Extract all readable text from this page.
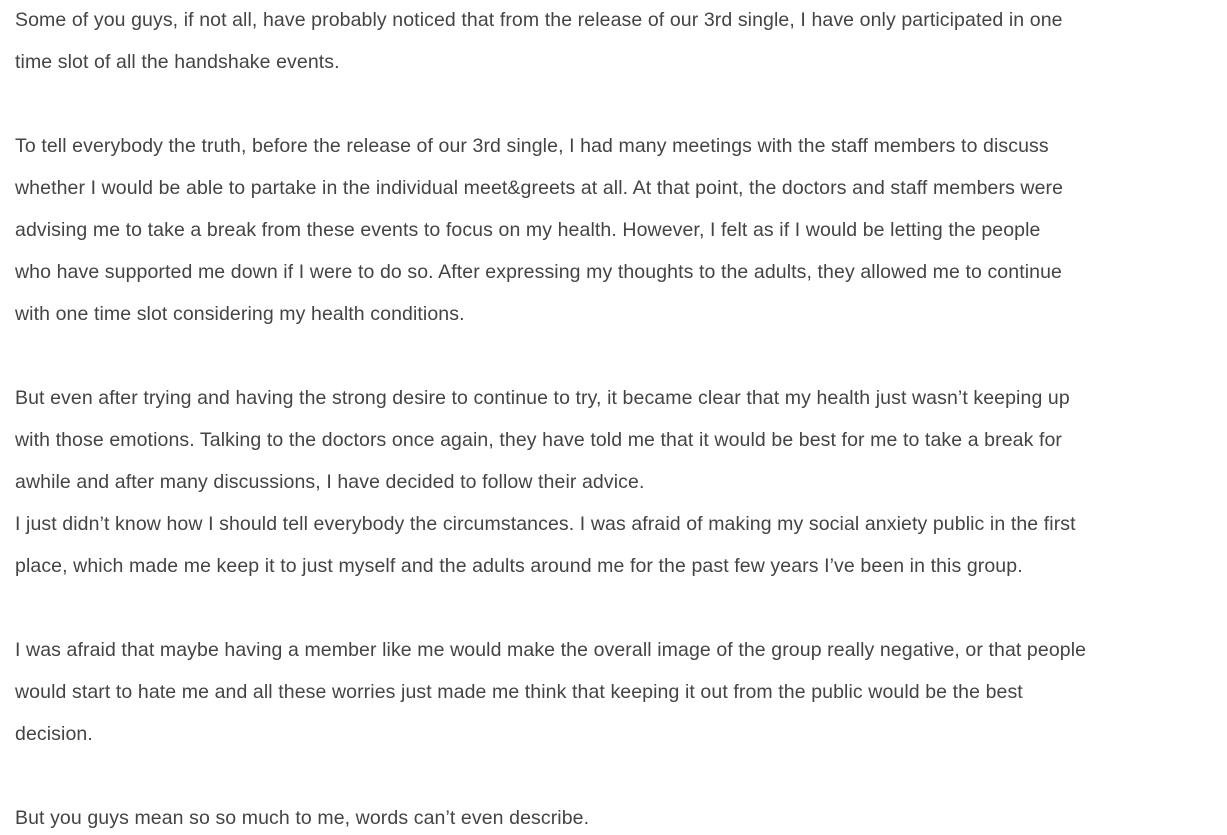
Some of you guys, if not all, have probably noticed that from the release of our 3rd single, I have only participated in one
time slot of all the handshake events.
To tell everybody the truth, before the release of our 3rd single, I had many meetings with the staff members to discuss
whether I would be able to partake in the individual meet&greets at all. At that point, the doctors and staff members were
advising me to take a break from these events to focus on my health. However, I felt as if I would be letting the people
who have supported me down if I were to do so. After expressing my thoughts to the adults, they allowed me to continue
with one time slot considering my health conditions.
But even after trying and having the strong desire to continue to try, it became clear that my health just wasn’t keeping up
with those emotions. Talking to the doctors once again, they have told me that it would be best for me to take a break for
awhile and after many discussions, I have decided to follow their advice.
I just didn’t know how I should tell everybody the circumstances. I was afraid of making my social anxiety public in the first
place, which made me keep it to just myself and the adults around me for the past few years I’ve been in this group.
I was afraid that maybe having a member like me would make the overall image of the group really negative, or that people
would start to hate me and all these worries just made me think that keeping it out from the public would be the best
decision.
But you guys mean so so much to me, words can’t even describe.
